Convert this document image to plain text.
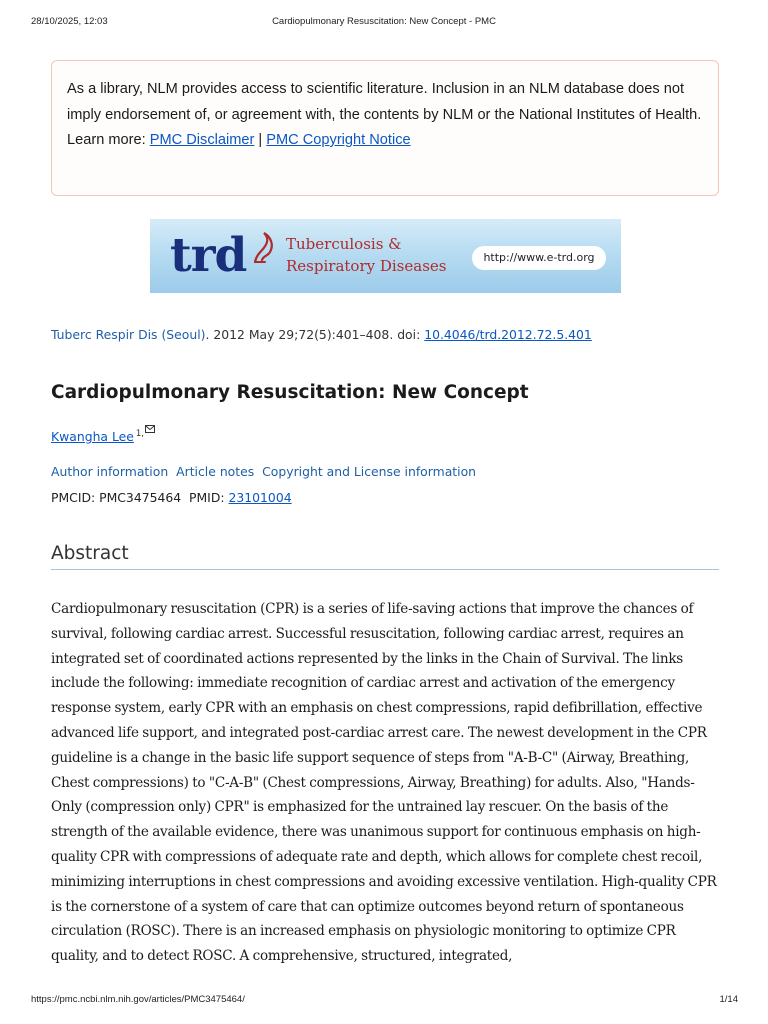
28/10/2025, 12:03	Cardiopulmonary Resuscitation: New Concept - PMC
As a library, NLM provides access to scientific literature. Inclusion in an NLM database does not imply endorsement of, or agreement with, the contents by NLM or the National Institutes of Health.
Learn more: PMC Disclaimer | PMC Copyright Notice
trd	Tuberculosis &
Respiratory Diseases	http://www.e-trd.org
Tuberc Respir Dis (Seoul). 2012 May 29;72(5):401–408. doi: 10.4046/trd.2012.72.5.401
Cardiopulmonary Resuscitation: New Concept
Kwangha Lee $^{1,}$
Author information Article notes Copyright and License information
PMCID: PMC3475464 PMID: 23101004
Abstract

Cardiopulmonary resuscitation (CPR) is a series of life-saving actions that improve the chances of survival, following cardiac arrest. Successful resuscitation, following cardiac arrest, requires an integrated set of coordinated actions represented by the links in the Chain of Survival. The links include the following: immediate recognition of cardiac arrest and activation of the emergency response system, early CPR with an emphasis on chest compressions, rapid defibrillation, effective advanced life support, and integrated post-cardiac arrest care. The newest development in the CPR guideline is a change in the basic life support sequence of steps from "A-B-C" (Airway, Breathing, Chest compressions) to "C-A-B" (Chest compressions, Airway, Breathing) for adults. Also, "Hands-Only (compression only) CPR" is emphasized for the untrained lay rescuer. On the basis of the strength of the available evidence, there was unanimous support for continuous emphasis on high-quality CPR with compressions of adequate rate and depth, which allows for complete chest recoil, minimizing interruptions in chest compressions and avoiding excessive ventilation. High-quality CPR is the cornerstone of a system of care that can optimize outcomes beyond return of spontaneous circulation (ROSC). There is an increased emphasis on physiologic monitoring to optimize CPR quality, and to detect ROSC. A comprehensive, structured, integrated,

https://pmc.ncbi.nlm.nih.gov/articles/PMC3475464/	1/14
